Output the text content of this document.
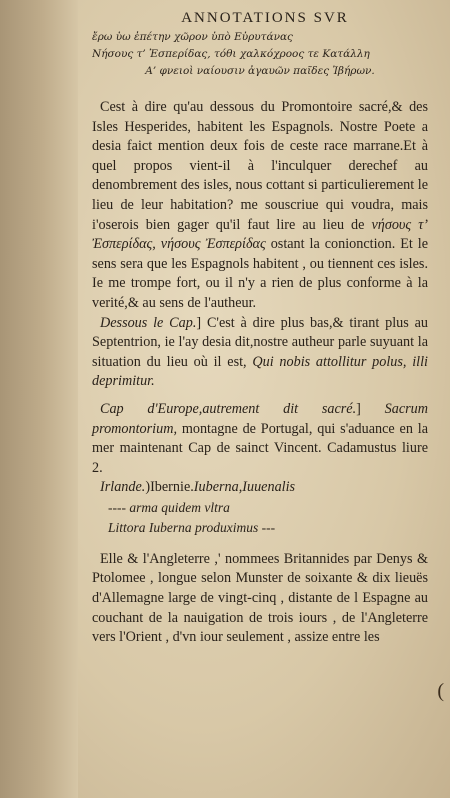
ANNOTATIONS SVR

ἔρω ὑω ἐπέτην χῶρον ὑπὸ Εὐρυτάνας

Νήσους τ’ Ἐσπερίδας, τόθι χαλκόχροος τε Κατάλλη

Α’ φνειοὶ ναίουσιν ἀγαυῶν παῖδες Ἰβήρων.

Cest à dire qu'au dessous du Promontoire sacré,& des Isles Hesperides, habitent les Espagnols. Nostre Poete a desia faict mention deux fois de ceste race marrane.Et à quel propos vient-il à l'inculquer derechef au denombrement des isles, nous cottant si particulierement le lieu de leur habitation? me souscriue qui voudra, mais i'oserois bien gager qu'il faut lire au lieu de νήσους τ’ Ἐσπερίδας, νήσους Ἐσπερίδας ostant la conionction. Et le sens sera que les Espagnols habitent , ou tiennent ces isles. Ie me trompe fort, ou il n'y a rien de plus conforme à la verité,& au sens de l'autheur.

Dessous le Cap.] C'est à dire plus bas,& tirant plus au Septentrion, ie l'ay desia dit,nostre autheur parle suyuant la situation du lieu où il est, Qui nobis attollitur polus, illi deprimitur.

Cap d'Europe,autrement dit sacré.] Sacrum promontorium, montagne de Portugal, qui s'aduance en la mer maintenant Cap de sainct Vincent. Cadamustus liure 2.

Irlande.)Ibernie.Iuberna,Iuuenalis

---- arma quidem vltra

Littora Iuberna produximus ---

Elle & l'Angleterre ,' nommees Britannides par Denys & Ptolomee , longue selon Munster de soixante & dix lieuës d'Allemagne large de vingt-cinq , distante de l Espagne au couchant de la nauigation de trois iours , de l'Angleterre vers l'Orient , d'vn iour seulement , assize entre les

(
